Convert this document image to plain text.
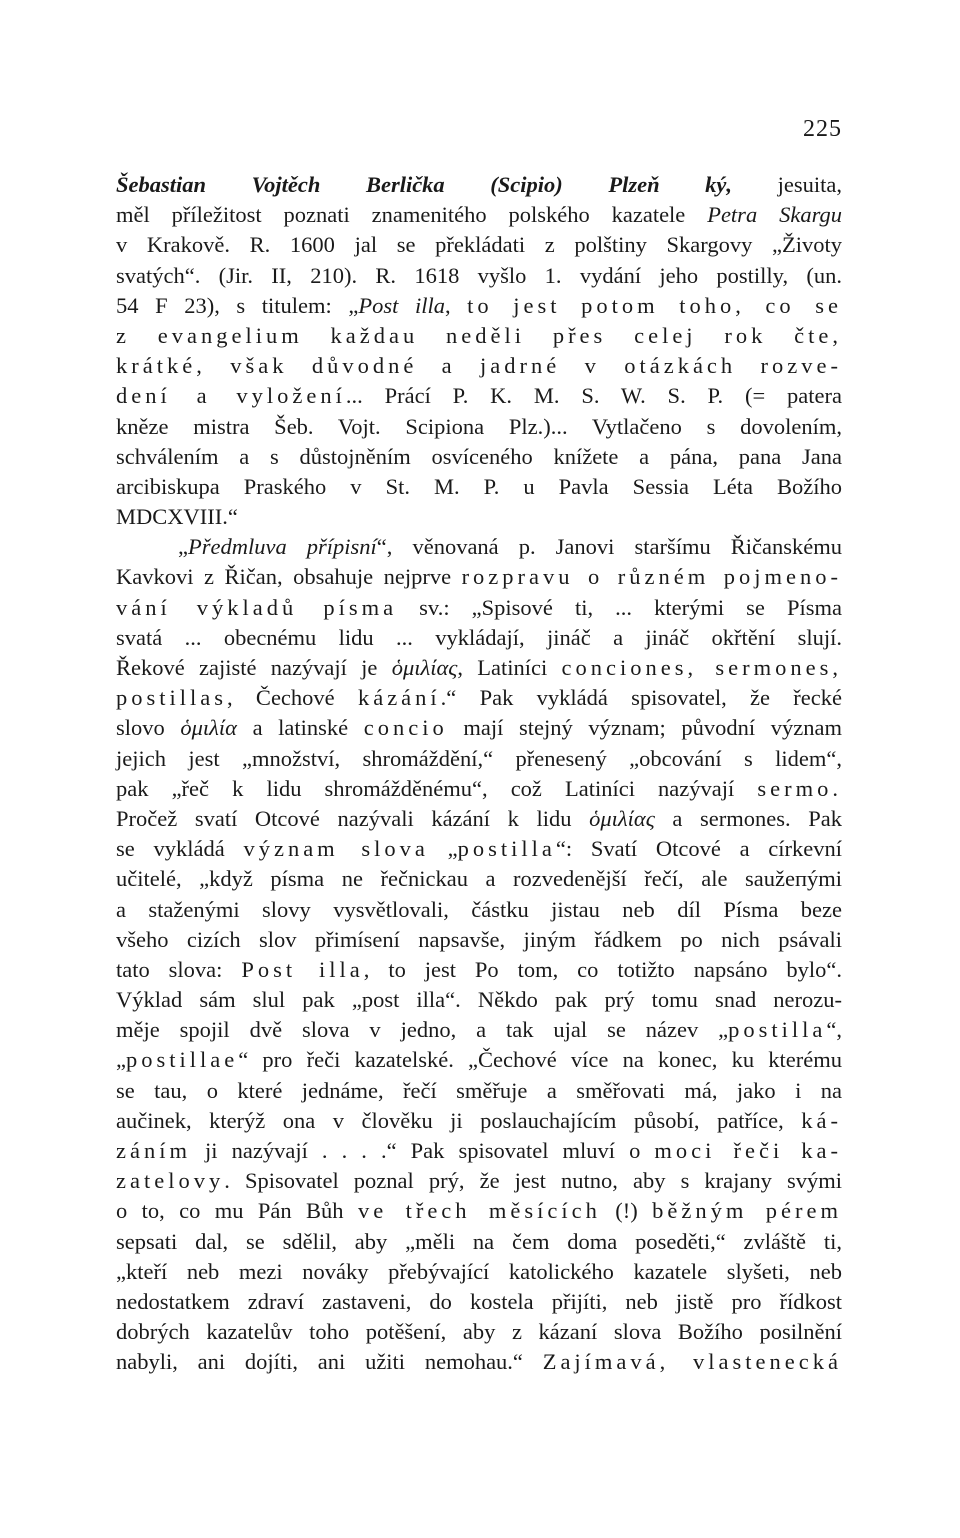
225
Šebastian Vojtěch Berlička (Scipio) Plzeň ký, jesuita,
měl příležitost poznati znamenitého polského kazatele Petra Skargu
v Krakově. R. 1600 jal se překládati z polštiny Skargovy „Životy
svatých“. (Jir. II, 210). R. 1618 vyšlo 1. vydání jeho postilly, (un.
54 F 23), s titulem: „Post illa, to jest potom toho, co se
z evangelium každau neděli přes celej rok čte,
krátké, však důvodné a jadrné v otázkách rozve-
dení a vyložení... Prácí P. K. M. S. W. S. P. (= patera
kněze mistra Šeb. Vojt. Scipiona Plz.)... Vytlačeno s dovolením,
schválením a s důstojněním osvíceného knížete a pána, pana Jana
arcibiskupa Praského v St. M. P. u Pavla Sessia Léta Božího
MDCXVIII.“
„Předmluva přípisní“, věnovaná p. Janovi staršímu Řičanskému
Kavkovi z Řičan, obsahuje nejprve rozpravu o různém pojmeno-
vání výkladů písma sv.: „Spisové ti, ... kterými se Písma
svatá ... obecnému lidu ... vykládají, jináč a jináč okřtění slují.
Řekové zajisté nazývají je ὁμιλίας, Latiníci conciones, sermones,
postillas, Čechové kázání.“ Pak vykládá spisovatel, že řecké
slovo ὁμιλία a latinské concio mají stejný význam; původní význam
jejich jest „množství, shromáždění,“ přenesený „obcování s lidem“,
pak „řeč k lidu shromážděnému“, což Latiníci nazývají sermo.
Pročež svatí Otcové nazývali kázání k lidu ὁμιλίας a sermones. Pak
se vykládá význam slova „postilla“: Svatí Otcové a církevní
učitelé, „když písma ne řečnickau a rozvedenější řečí, ale saužeпými
a staženými slovy vysvětlovali, částku jistau neb díl Písma beze
všeho cizích slov přimísení napsavše, jiným řádkem po nich psávali
tato slova: Post illa, to jest Po tom, co totižto napsáno bylo“.
Výklad sám slul pak „post illa“. Někdo pak prý tomu snad nerozu-
měje spojil dvě slova v jedno, a tak ujal se název „postilla“,
„postillae“ pro řeči kazatelské. „Čechové více na konec, ku kterému
se tau, o které jednáme, řečí směřuje a směřovati má, jako i na
aučinek, kterýž ona v člověku ji poslauchajícím působí, patříce, ká-
záním ji nazývají . . . .“ Pak spisovatel mluví o moci řeči ka-
zatelovy. Spisovatel poznal prý, že jest nutno, aby s krajany svými
o to, co mu Pán Bůh ve třech měsících (!) běžným pérem
sepsati dal, se sdělil, aby „měli na čem doma poseděti,“ zvláště ti,
„kteří neb mezi nováky přebývající katolického kazatele slyšeti, neb
nedostatkem zdraví zastaveni, do kostela přijíti, neb jistě pro řídkost
dobrých kazatelův toho potěšení, aby z kázaní slova Božího posilnění
nabyli, ani dojíti, ani užiti nemohau.“ Zajímavá, vlastenecká
